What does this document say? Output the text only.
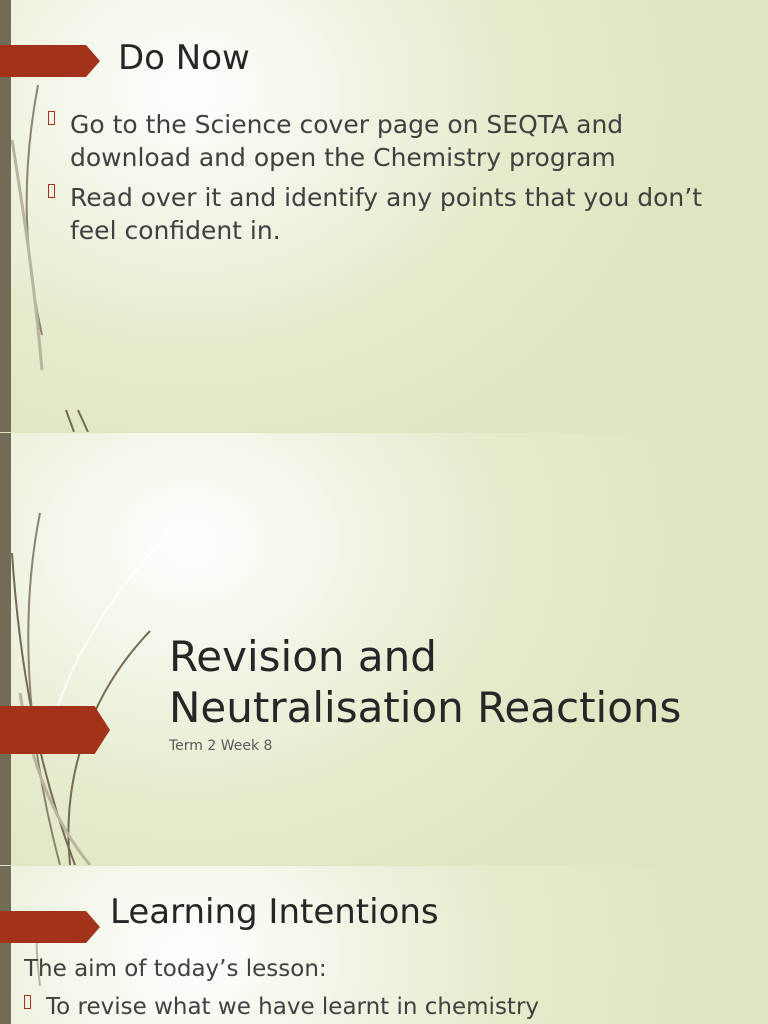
Do Now
Go to the Science cover page on SEQTA and download and open the Chemistry program
Read over it and identify any points that you don’t feel confident in.
Revision and
Neutralisation Reactions
Term 2 Week 8
Learning Intentions
The aim of today’s lesson:
To revise what we have learnt in chemistry
